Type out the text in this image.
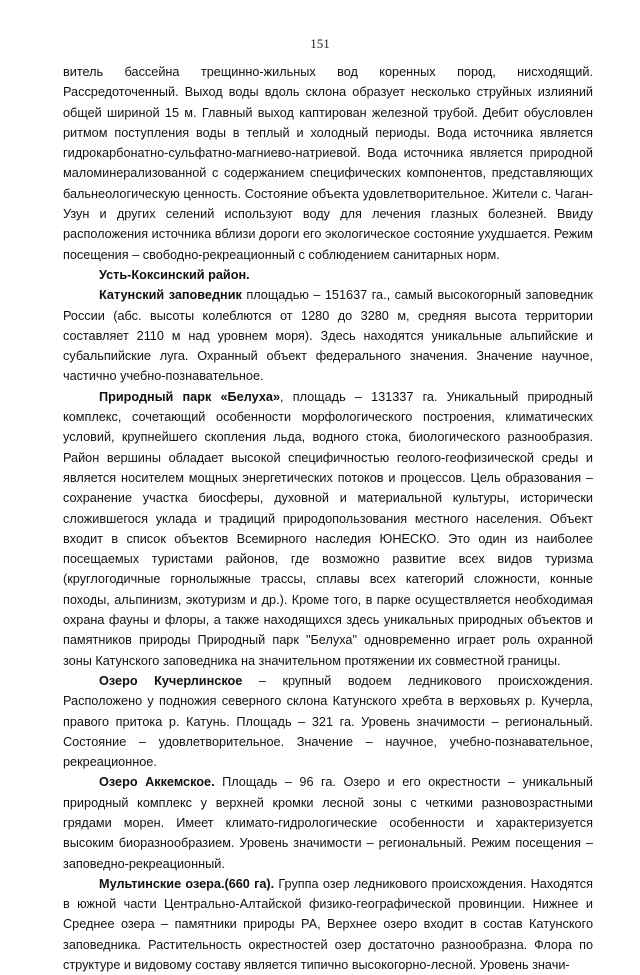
151

витель бассейна трещинно-жильных вод коренных пород, нисходящий. Рассредоточенный. Выход воды вдоль склона образует несколько струйных излияний общей шириной 15 м. Главный выход каптирован железной трубой. Дебит обусловлен ритмом поступления воды в теплый и холодный периоды. Вода источника является гидрокарбонатно-сульфатно-магниево-натриевой. Вода источника является природной маломинерализованной с содержанием специфических компонентов, представляющих бальнеологическую ценность. Состояние объекта удовлетворительное. Жители с. Чаган-Узун и других селений используют воду для лечения глазных болезней. Ввиду расположения источника вблизи дороги его экологическое состояние ухудшается. Режим посещения – свободно-рекреационный с соблюдением санитарных норм.

Усть-Коксинский район.

Катунский заповедник площадью – 151637 га., самый высокогорный заповедник России (абс. высоты колеблются от 1280 до 3280 м, средняя высота территории составляет 2110 м над уровнем моря). Здесь находятся уникальные альпийские и субальпийские луга. Охранный объект федерального значения. Значение научное, частично учебно-познавательное.

Природный парк «Белуха», площадь – 131337 га. Уникальный природный комплекс, сочетающий особенности морфологического построения, климатических условий, крупнейшего скопления льда, водного стока, биологического разнообразия. Район вершины обладает высокой специфичностью геолого-геофизической среды и является носителем мощных энергетических потоков и процессов. Цель образования – сохранение участка биосферы, духовной и материальной культуры, исторически сложившегося уклада и традиций природопользования местного населения. Объект входит в список объектов Всемирного наследия ЮНЕСКО. Это один из наиболее посещаемых туристами районов, где возможно развитие всех видов туризма (круглогодичные горнолыжные трассы, сплавы всех категорий сложности, конные походы, альпинизм, экотуризм и др.). Кроме того, в парке осуществляется необходимая охрана фауны и флоры, а также находящихся здесь уникальных природных объектов и памятников природы Природный парк "Белуха" одновременно играет роль охранной зоны Катунского заповедника на значительном протяжении их совместной границы.

Озеро Кучерлинское – крупный водоем ледникового происхождения. Расположено у подножия северного склона Катунского хребта в верховьях р. Кучерла, правого притока р. Катунь. Площадь – 321 га. Уровень значимости – региональный. Состояние – удовлетворительное. Значение – научное, учебно-познавательное, рекреационное.

Озеро Аккемское. Площадь – 96 га. Озеро и его окрестности – уникальный природный комплекс у верхней кромки лесной зоны с четкими разновозрастными грядами морен. Имеет климато-гидрологические особенности и характеризуется высоким биоразнообразием. Уровень значимости – региональный. Режим посещения – заповедно-рекреационный.

Мультинские озера.(660 га). Группа озер ледникового происхождения. Находятся в южной части Центрально-Алтайской физико-географической провинции. Нижнее и Среднее озера – памятники природы РА, Верхнее озеро входит в состав Катунского заповедника. Растительность окрестностей озер достаточно разнообразна. Флора по структуре и видовому составу является типично высокогорно-лесной. Уровень значи-
